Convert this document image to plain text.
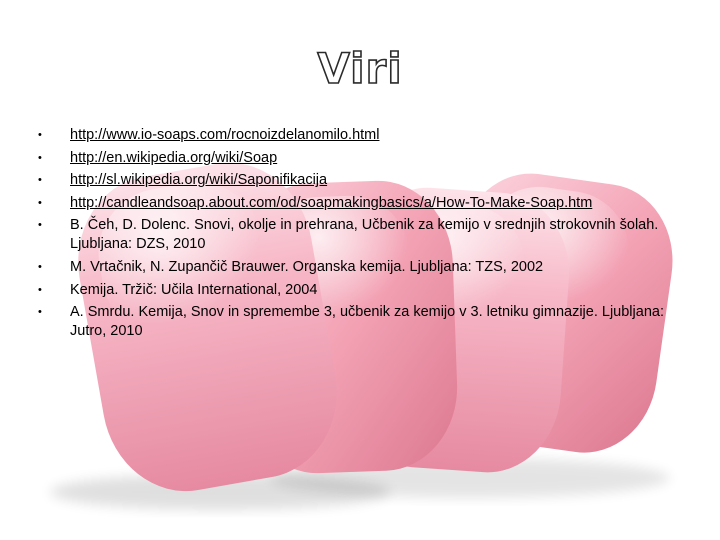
Viri
• http://www.io-soaps.com/rocnoizdelanomilo.html
• http://en.wikipedia.org/wiki/Soap
• http://sl.wikipedia.org/wiki/Saponifikacija
• http://candleandsoap.about.com/od/soapmakingbasics/a/How-To-Make-Soap.htm
• B. Čeh, D. Dolenc. Snovi, okolje in prehrana, Učbenik za kemijo v srednjih strokovnih šolah. Ljubljana: DZS, 2010
• M. Vrtačnik, N. Zupančič Brauwer. Organska kemija. Ljubljana: TZS, 2002
• Kemija. Tržič: Učila International, 2004
• A. Smrdu. Kemija, Snov in spremembe 3, učbenik za kemijo v 3. letniku gimnazije. Ljubljana: Jutro, 2010
